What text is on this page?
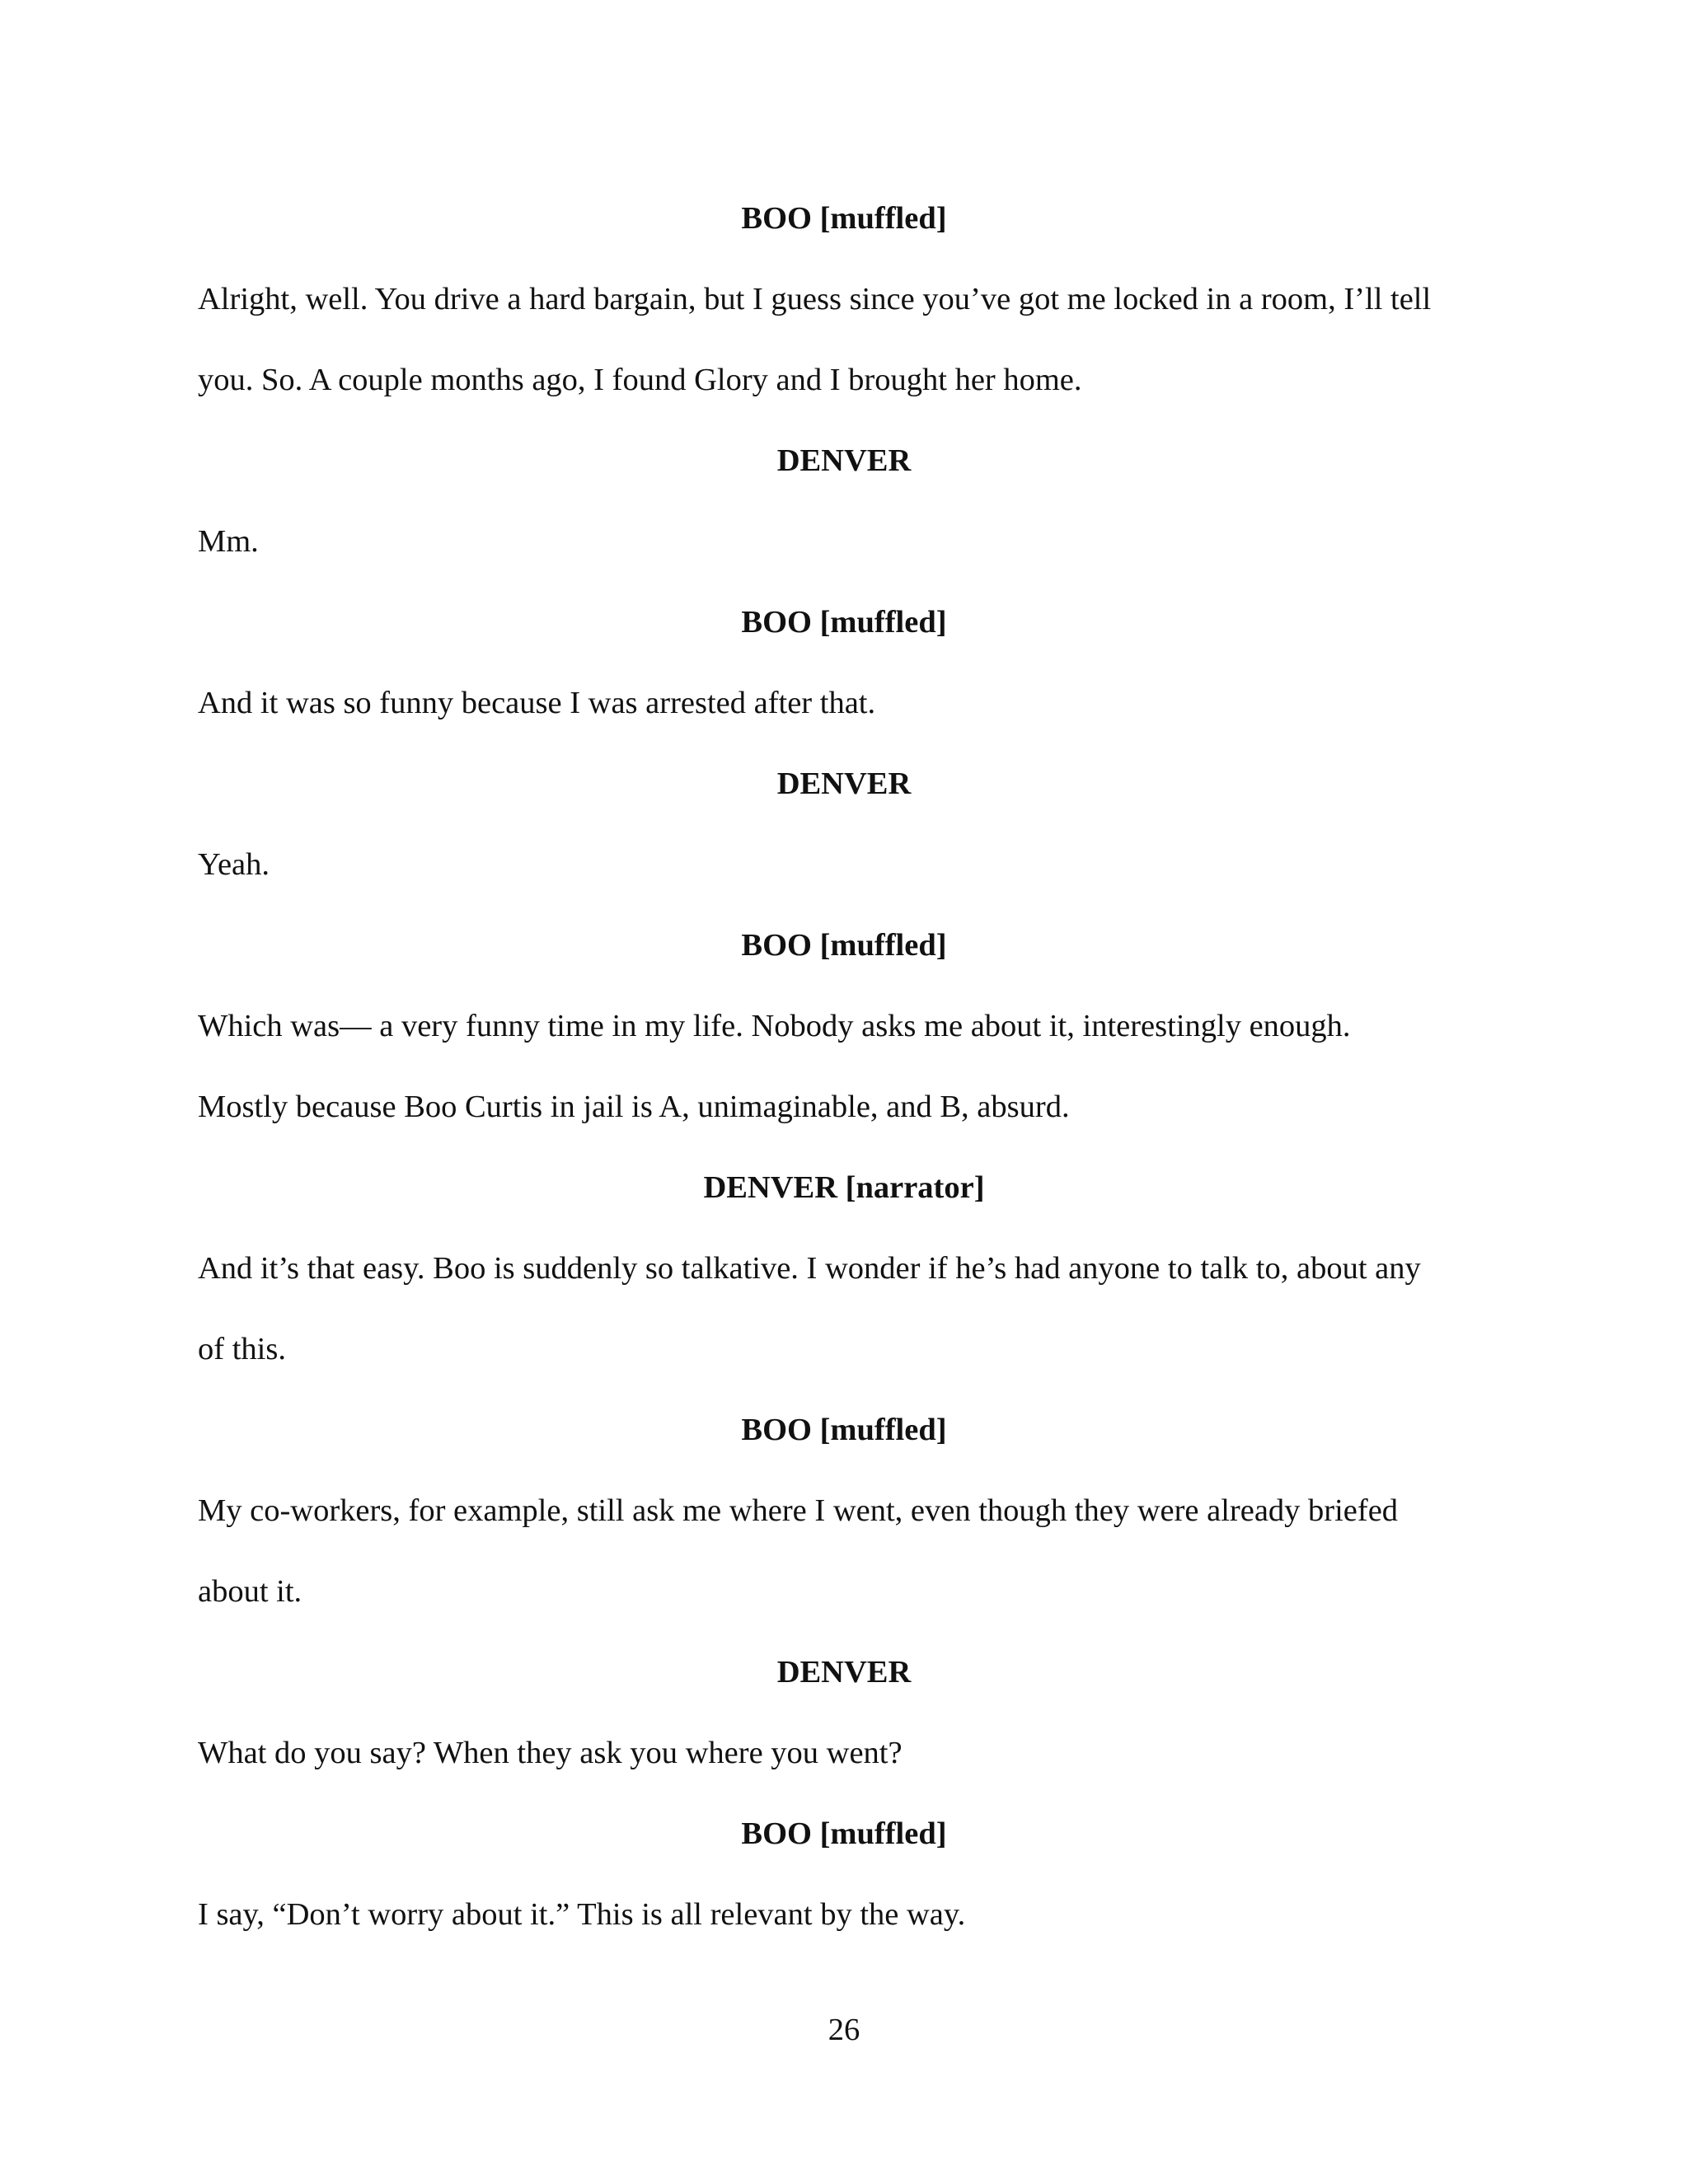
BOO [muffled]
Alright, well. You drive a hard bargain, but I guess since you’ve got me locked in a room, I’ll tell
you. So. A couple months ago, I found Glory and I brought her home.
DENVER
Mm.
BOO [muffled]
And it was so funny because I was arrested after that.
DENVER
Yeah.
BOO [muffled]
Which was— a very funny time in my life. Nobody asks me about it, interestingly enough.
Mostly because Boo Curtis in jail is A, unimaginable, and B, absurd.
DENVER [narrator]
And it’s that easy. Boo is suddenly so talkative. I wonder if he’s had anyone to talk to, about any
of this.
BOO [muffled]
My co-workers, for example, still ask me where I went, even though they were already briefed
about it.
DENVER
What do you say? When they ask you where you went?
BOO [muffled]
I say, “Don’t worry about it.” This is all relevant by the way.
26
